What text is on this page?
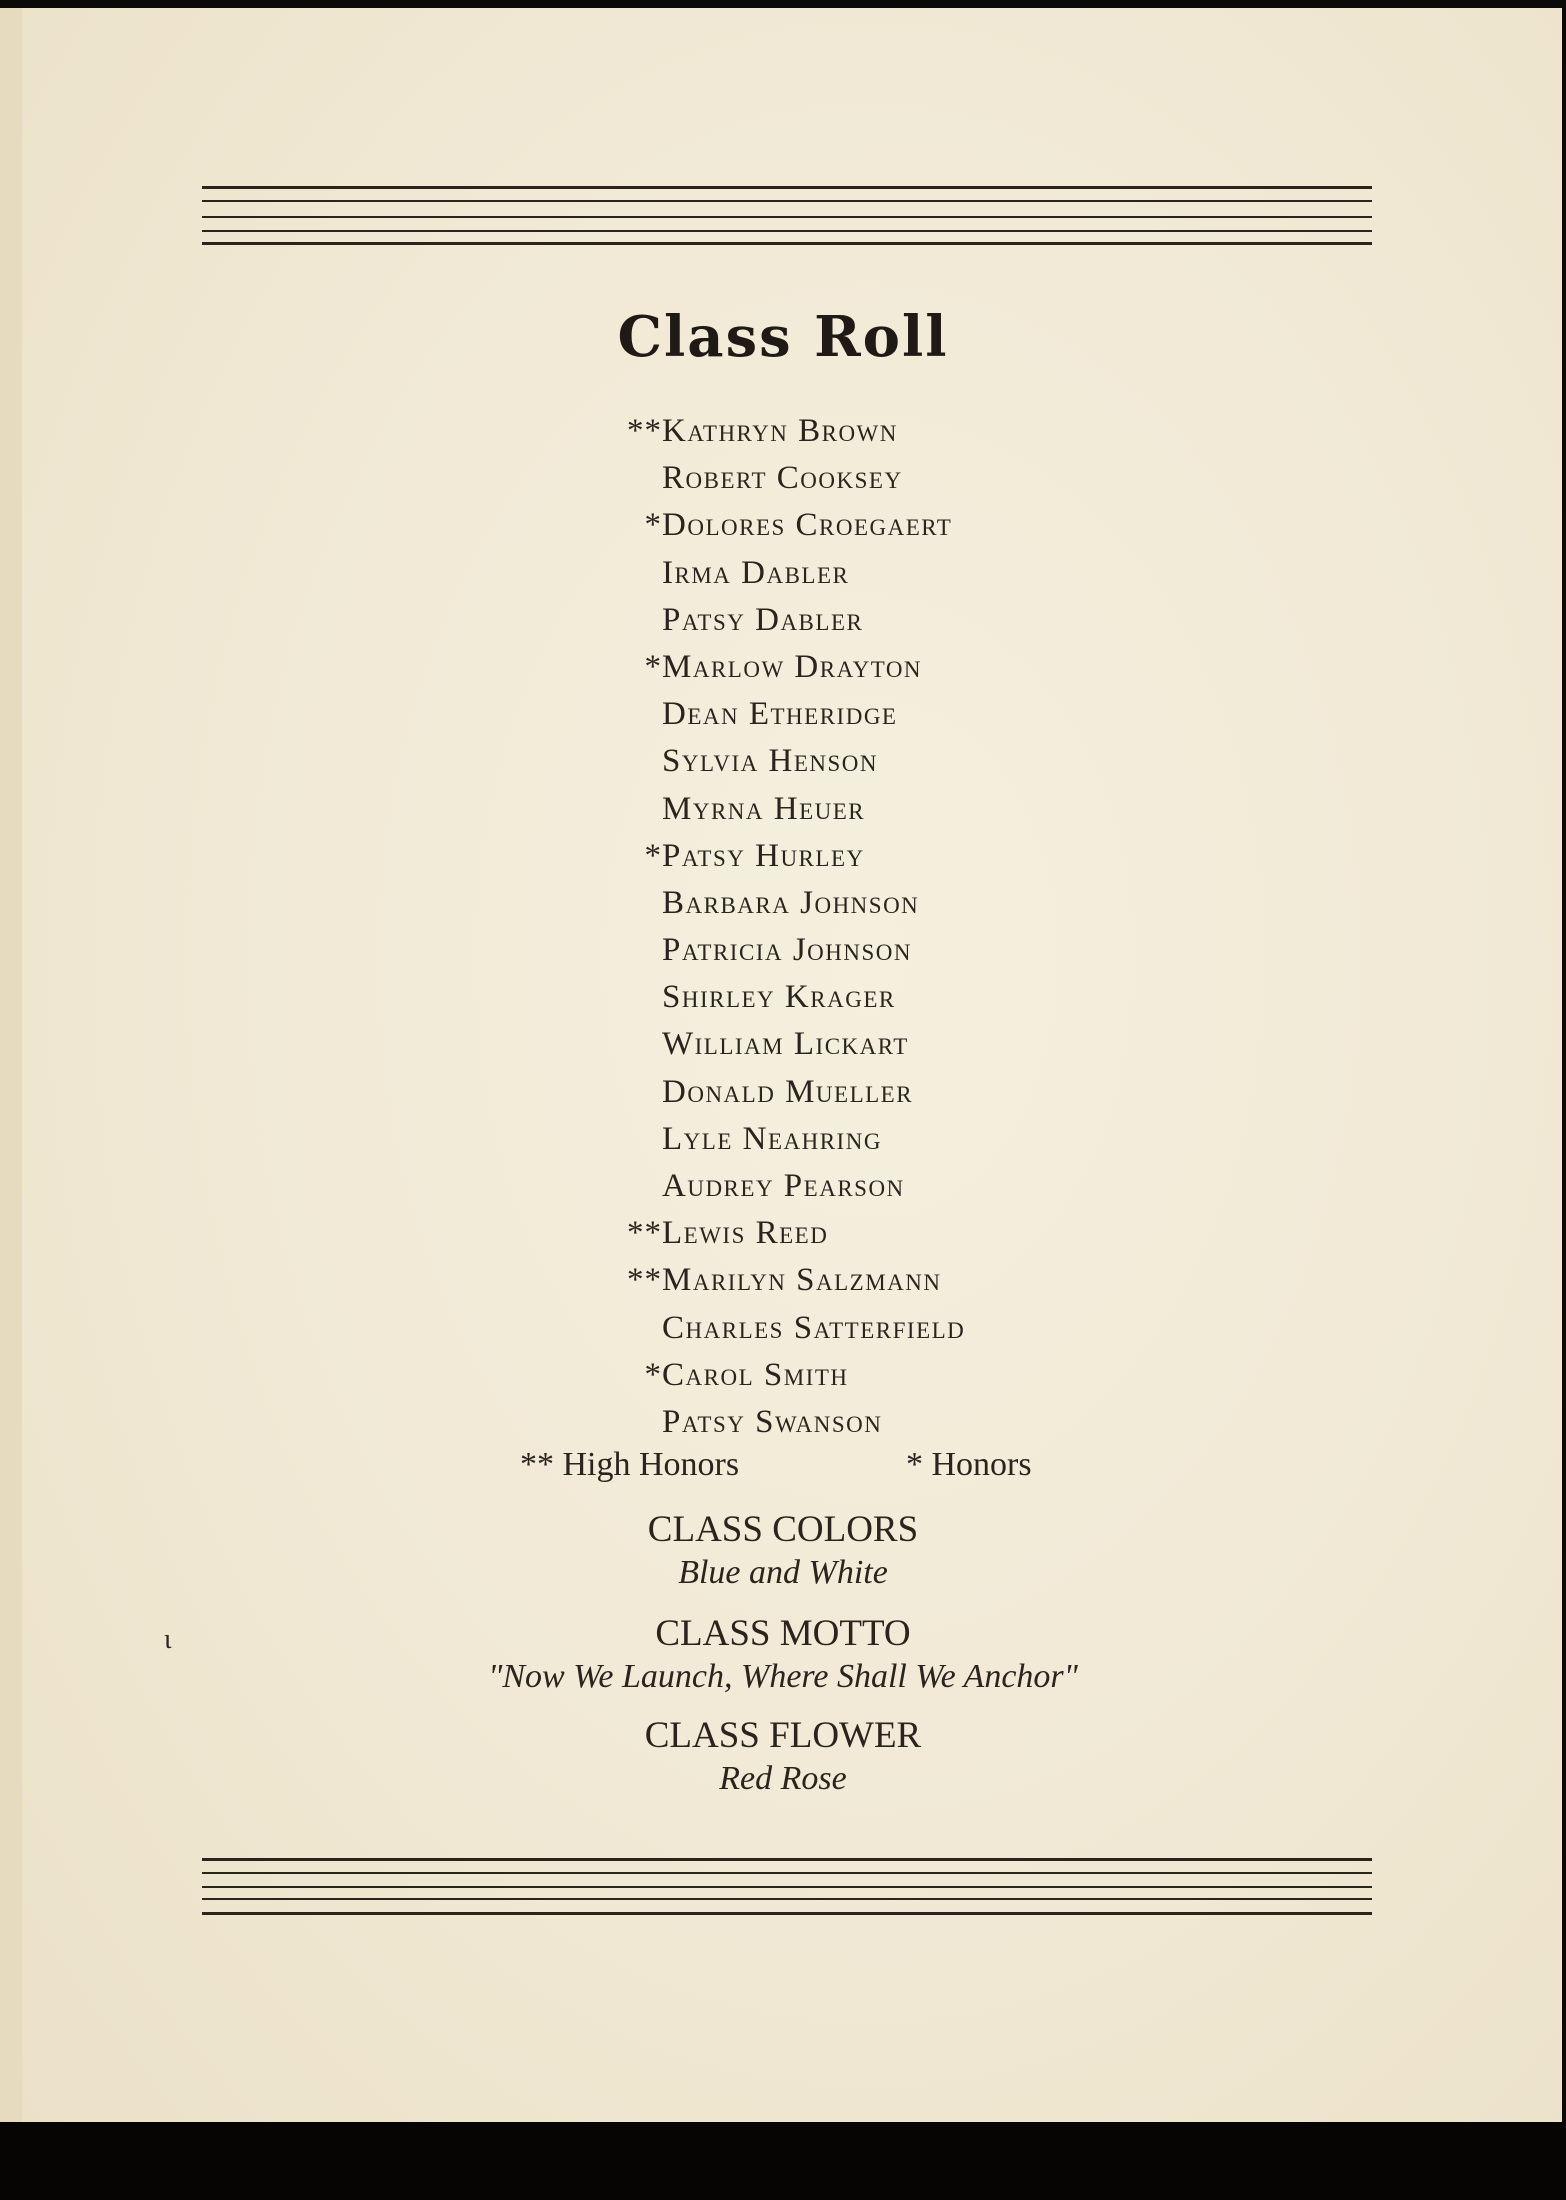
Class Roll
** Kathryn Brown
Robert Cooksey
* Dolores Croegaert
Irma Dabler
Patsy Dabler
* Marlow Drayton
Dean Etheridge
Sylvia Henson
Myrna Heuer
* Patsy Hurley
Barbara Johnson
Patricia Johnson
Shirley Krager
William Lickart
Donald Mueller
Lyle Neahring
Audrey Pearson
** Lewis Reed
** Marilyn Salzmann
Charles Satterfield
* Carol Smith
Patsy Swanson
** High Honors	* Honors
CLASS COLORS
Blue and White
CLASS MOTTO
"Now We Launch, Where Shall We Anchor"
CLASS FLOWER
Red Rose
ɩ
